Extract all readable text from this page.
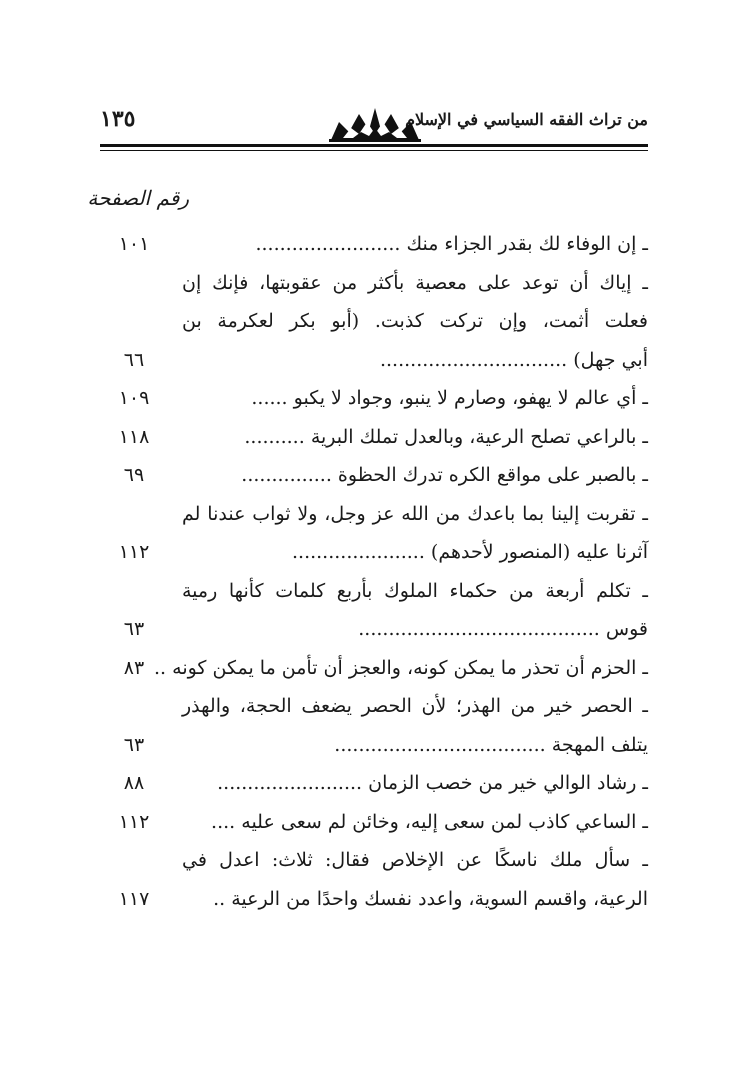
من تراث الفقه السياسي في الإسلام
١٣٥
رقم الصفحة
ـ إن الوفاء لك بقدر الجزاء منك ........................
١٠١
ـ إياك أن توعد على معصية بأكثر من عقوبتها، فإنك إن
فعلت أثمت، وإن تركت كذبت. (أبو بكر لعكرمة بن
أبي جهل) ...............................
٦٦
ـ أي عالم لا يهفو، وصارم لا ينبو، وجواد لا يكبو ......
١٠٩
ـ بالراعي تصلح الرعية، وبالعدل تملك البرية ..........
١١٨
ـ بالصبر على مواقع الكره تدرك الحظوة ...............
٦٩
ـ تقربت إلينا بما باعدك من الله عز وجل، ولا ثواب عندنا لم
آثرنا عليه (المنصور لأحدهم) ......................
١١٢
ـ تكلم أربعة من حكماء الملوك بأربع كلمات كأنها رمية
قوس ........................................
٦٣
ـ الحزم أن تحذر ما يمكن كونه، والعجز أن تأمن ما يمكن كونه ..
٨٣
ـ الحصر خير من الهذر؛ لأن الحصر يضعف الحجة، والهذر
يتلف المهجة ...................................
٦٣
ـ رشاد الوالي خير من خصب الزمان ........................
٨٨
ـ الساعي كاذب لمن سعى إليه، وخائن لم سعى عليه ....
١١٢
ـ سأل ملك ناسكًا عن الإخلاص فقال: ثلاث: اعدل في
الرعية، واقسم السوية، واعدد نفسك واحدًا من الرعية ..
١١٧
